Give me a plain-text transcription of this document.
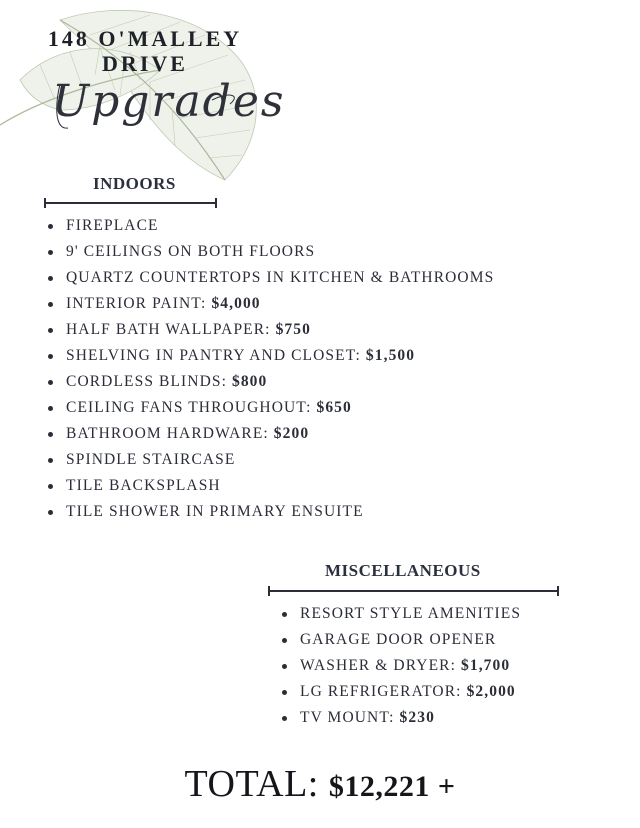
148 O'MALLEY
DRIVE
Upgrades
INDOORS
FIREPLACE
9' CEILINGS ON BOTH FLOORS
QUARTZ COUNTERTOPS IN KITCHEN & BATHROOMS
INTERIOR PAINT: $4,000
HALF BATH WALLPAPER: $750
SHELVING IN PANTRY AND CLOSET: $1,500
CORDLESS BLINDS: $800
CEILING FANS THROUGHOUT: $650
BATHROOM HARDWARE: $200
SPINDLE STAIRCASE
TILE BACKSPLASH
TILE SHOWER IN PRIMARY ENSUITE
MISCELLANEOUS
RESORT STYLE AMENITIES
GARAGE DOOR OPENER
WASHER & DRYER: $1,700
LG REFRIGERATOR: $2,000
TV MOUNT: $230
TOTAL: $12,221 +
